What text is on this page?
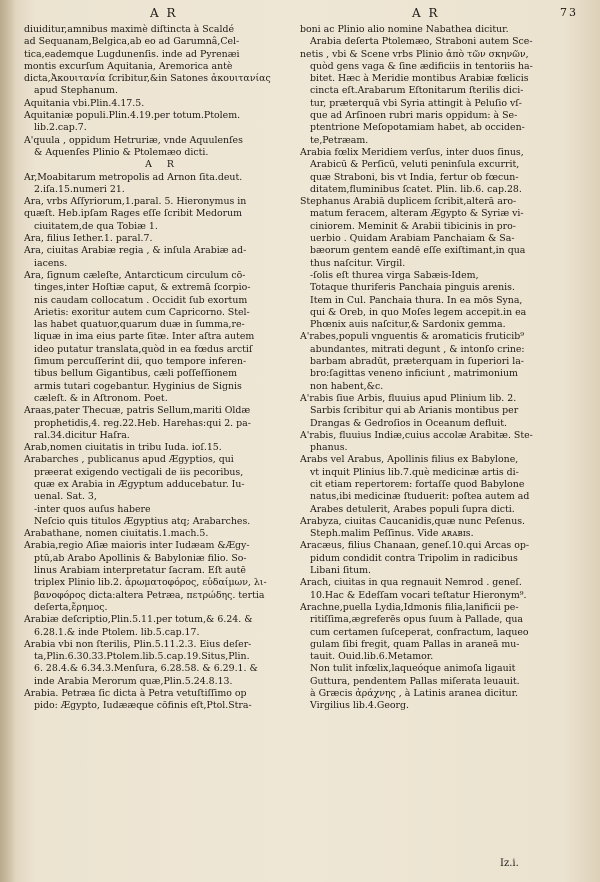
A R	A R	73
diuiditur,amnibus maximè diſtincta à Scaldé
ad Sequanam,Belgica,ab eo ad Garumnâ,Cel-
tica,eademque Lugdunenſis. inde ad Pyrenæi
montis excurſum Aquitania, Aremorica antè
dicta,Ἀκουιτανία ſcribitur,&in Satones ἀκουιτανίας
apud Stephanum.
Aquitania vbi.Plin.4.17.5.
Aquitaniæ populi.Plin.4.19.per totum.Ptolem.
lib.2.cap.7.
A'quula , oppidum Hetruriæ, vnde Aquulenſes
& Aquenſes Plinio & Ptolemæo dicti.
A R
Ar,Moabitarum metropolis ad Arnon ſita.deut.
2.iſa.15.numeri 21.
Ara, vrbs Aſſyriorum,1.paral. 5. Hieronymus in
quæſt. Heb.ipſam Rages eſſe ſcribit Medorum
ciuitatem,de qua Tobiæ 1.
Ara, filius Iether.1. paral.7.
Ara, ciuitas Arabiæ regia , & inſula Arabiæ ad-
iacens.
Ara, ſignum cæleſte, Antarcticum circulum cō-
tinges,inter Hoſtiæ caput, & extremā ſcorpio-
nis caudam collocatum . Occidit ſub exortum
Arietis: exoritur autem cum Capricorno. Stel-
las habet quatuor,quarum duæ in ſumma,re-
liquæ in ima eius parte ſitæ. Inter aſtra autem
ideo putatur translata,quòd in ea fœdus arctiſ
ſimum percuſſerint dii, quo tempore inferen-
tibus bellum Gigantibus, cæli poſſeſſionem
armis tutari cogebantur. Hyginius de Signis
cæleſt. & in Aſtronom. Poet.
Araas,pater Thecuæ, patris Sellum,mariti Oldæ
prophetidis,4. reg.22.Heb. Harehas:qui 2. pa-
ral.34.dicitur Haſra.
Arab,nomen ciuitatis in tribu Iuda. ioſ.15.
Arabarches , publicanus apud Ægyptios, qui
præerat exigendo vectigali de iis pecoribus,
quæ ex Arabia in Ægyptum adducebatur. Iu-
uenal. Sat. 3,
-inter quos auſus habere
Neſcio quis titulos Ægyptius atq; Arabarches.
Arabathane, nomen ciuitatis.1.mach.5.
Arabia,regio Aſiæ maioris inter Iudæam &Ægy-
ptū,ab Arabo Apollinis & Babyloniæ filio. So-
linus Arabiam interpretatur ſacram. Eſt autē
triplex Plinio lib.2. ἀρωματοφόρος, εὐδαίμων, λι-
βανοφόρος dicta:altera Petræa, πετρώδης. tertia
deſerta,ἔρημος.
Arabiæ deſcriptio,Plin.5.11.per totum,& 6.24. &
6.28.1.& inde Ptolem. lib.5.cap.17.
Arabia vbi non ſterilis, Plin.5.11.2.3. Eius deſer-
ta,Plin.6.30.33.Ptolem.lib.5.cap.19.Situs,Plin.
6. 28.4.& 6.34.3.Menſura, 6.28.58. & 6.29.1. &
inde Arabia Merorum quæ,Plin.5.24.8.13.
Arabia. Petræa ſic dicta à Petra vetuſtiſſimo op
pido: Ægypto, Iudææque cōfinis eſt,Ptol.Stra-
boni ac Plinio alio nomine Nabathea dicitur.
Arabia deſerta Ptolemæo, Straboni autem Sce-
netis , vbi & Scene vrbs Plinio ἀπὸ τῶν σκηνῶν,
quòd gens vaga & ſine ædificiis in tentoriis ha-
bitet. Hæc à Meridie montibus Arabiæ fœlicis
cincta eſt.Arabarum Eſtonitarum ſterilis dici-
tur, præterquā vbi Syria attingit à Peluſio vſ-
que ad Arſinoen rubri maris oppidum: à Se-
ptentrione Meſopotamiam habet, ab occiden-
te,Petræam.
Arabia fœlix Meridiem verſus, inter duos ſinus,
Arabicū & Perſicū, veluti peninſula excurrit,
quæ Straboni, bis vt India, fertur ob fœcun-
ditatem,fluminibus ſcatet. Plin. lib.6. cap.28.
Stephanus Arabiā duplicem ſcribit,alterā aro-
matum feracem, alteram Ægypto & Syriæ vi-
ciniorem. Meminit & Arabii tibicinis in pro-
uerbio . Quidam Arabiam Panchaiam & Sa-
bæorum gentem eandē eſſe exiſtimant,in qua
thus naſcitur. Virgil.
-ſolis eſt thurea virga Sabæis-Idem,
Totaque thuriferis Panchaia pinguis arenis.
Item in Cul. Panchaia thura. In ea mōs Syna,
qui & Oreb, in quo Moſes legem accepit.in ea
Phœnix auis naſcitur,& Sardonix gemma.
A'rabes,populi vnguentis & aromaticis fruticib⁹
abundantes, mitrati degunt , & intonſo crine:
barbam abradūt, præterquam in ſuperiori la-
bro:ſagittas veneno inficiunt , matrimonium
non habent,&c.
A'rabis ſiue Arbis, fluuius apud Plinium lib. 2.
Sarbis ſcribitur qui ab Arianis montibus per
Drangas & Gedroſios in Oceanum defluit.
A'rabis, fluuius Indiæ,cuius accolæ Arabitæ. Ste-
phanus.
Arabs vel Arabus, Apollinis filius ex Babylone,
vt inquit Plinius lib.7.què medicinæ artis di-
cit etiam repertorem: fortaſſe quod Babylone
natus,ibi medicinæ ſtuduerit: poſtea autem ad
Arabes detulerit, Arabes populi ſupra dicti.
Arabyza, ciuitas Caucanidis,quæ nunc Peſenus.
Steph.malim Peſſinus. Vide ᴀʀᴀʙɪs.
Aracæus, filius Chanaan, geneſ.10.qui Arcas op-
pidum condidit contra Tripolim in radicibus
Libani ſitum.
Arach, ciuitas in qua regnauit Nemrod . geneſ.
10.Hac & Edeſſam vocari teſtatur Hieronym⁹.
Arachne,puella Lydia,Idmonis filia,lanificii pe-
ritiſſima,ægreferēs opus ſuum à Pallade, qua
cum certamen ſuſceperat, confractum, laqueo
gulam ſibi fregit, quam Pallas in araneā mu-
tauit. Ouid.lib.6.Metamor.
Non tulit infœlix,laqueóque animoſa ligauit
Guttura, pendentem Pallas miſerata leuauit.
à Græcis ἀράχνης , à Latinis aranea dicitur.
Virgilius lib.4.Georg.
Iz.i.
